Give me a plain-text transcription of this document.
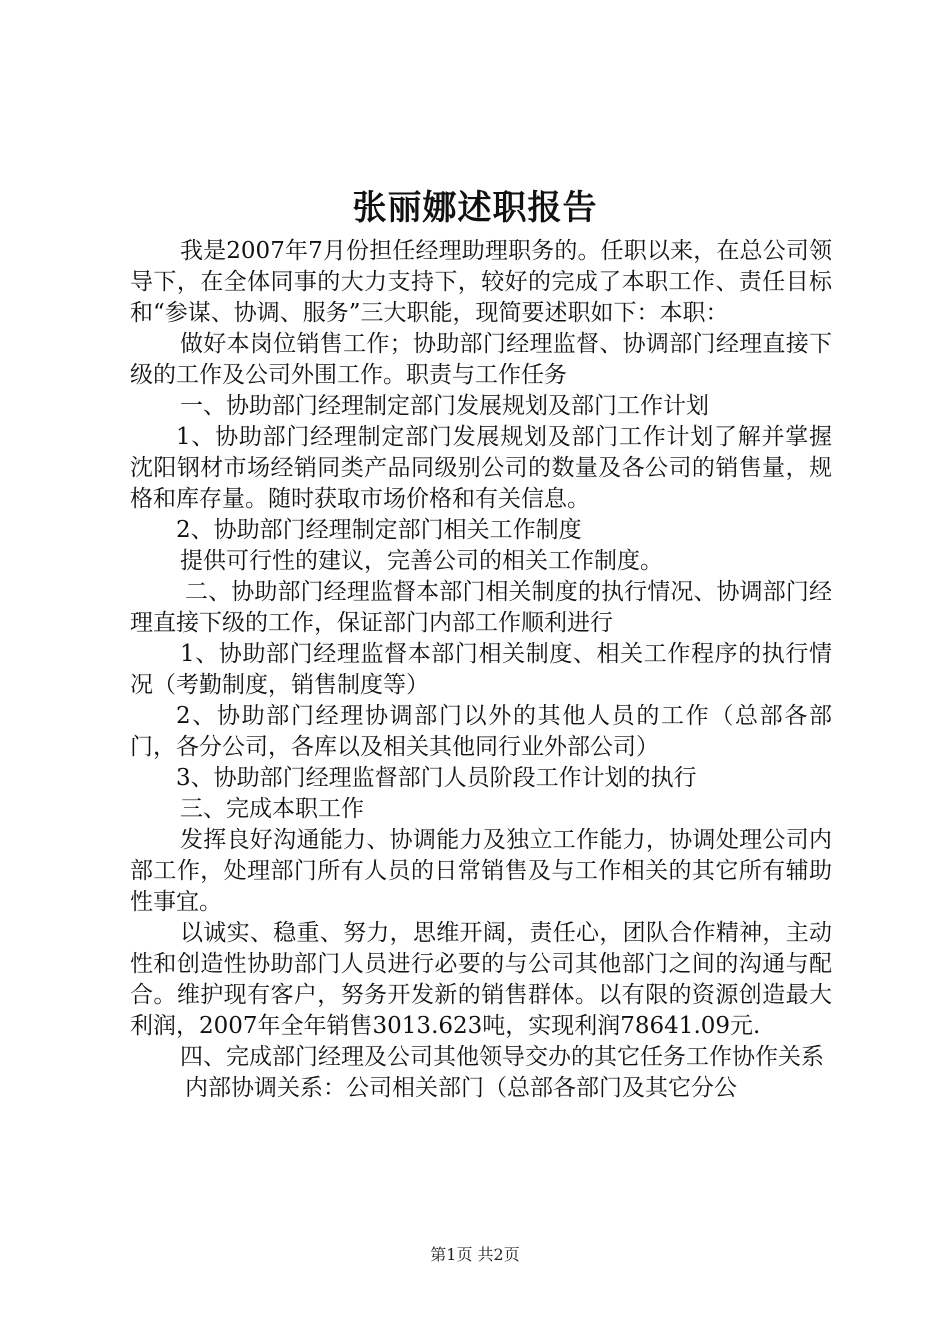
张丽娜述职报告

我是2007年7月份担任经理助理职务的。任职以来，在总公司领导下，在全体同事的大力支持下，较好的完成了本职工作、责任目标和“参谋、协调、服务”三大职能，现简要述职如下：本职：

做好本岗位销售工作；协助部门经理监督、协调部门经理直接下级的工作及公司外围工作。职责与工作任务

一、协助部门经理制定部门发展规划及部门工作计划

1、协助部门经理制定部门发展规划及部门工作计划了解并掌握沈阳钢材市场经销同类产品同级别公司的数量及各公司的销售量，规格和库存量。随时获取市场价格和有关信息。

2、协助部门经理制定部门相关工作制度

提供可行性的建议，完善公司的相关工作制度。

二、协助部门经理监督本部门相关制度的执行情况、协调部门经理直接下级的工作，保证部门内部工作顺利进行

1、协助部门经理监督本部门相关制度、相关工作程序的执行情况（考勤制度，销售制度等）

2、协助部门经理协调部门以外的其他人员的工作（总部各部门，各分公司，各库以及相关其他同行业外部公司）

3、协助部门经理监督部门人员阶段工作计划的执行

三、完成本职工作

发挥良好沟通能力、协调能力及独立工作能力，协调处理公司内部工作，处理部门所有人员的日常销售及与工作相关的其它所有辅助性事宜。

以诚实、稳重、努力，思维开阔，责任心，团队合作精神，主动性和创造性协助部门人员进行必要的与公司其他部门之间的沟通与配合。维护现有客户，努务开发新的销售群体。以有限的资源创造最大利润，2007年全年销售3013.623吨，实现利润78641.09元.

四、完成部门经理及公司其他领导交办的其它任务工作协作关系

内部协调关系：公司相关部门（总部各部门及其它分公

第1页 共2页
